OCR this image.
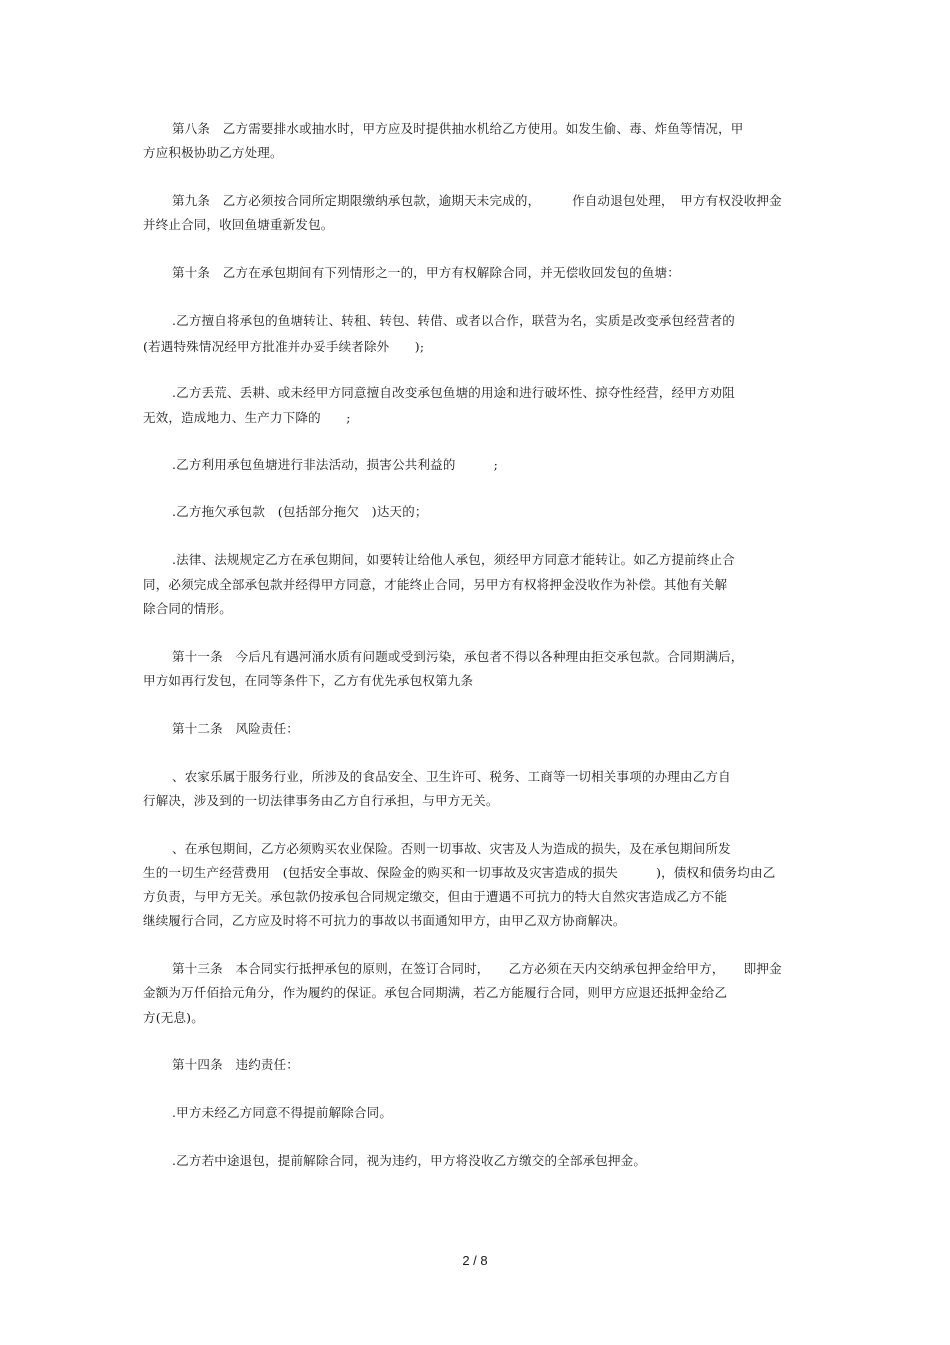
第八条　乙方需要排水或抽水时，甲方应及时提供抽水机给乙方使用。如发生偷、毒、炸鱼等情况，甲
方应积极协助乙方处理。
第九条　乙方必须按合同所定期限缴纳承包款，逾期天未完成的，　　　作自动退包处理，　甲方有权没收押金
并终止合同，收回鱼塘重新发包。
第十条　乙方在承包期间有下列情形之一的，甲方有权解除合同，并无偿收回发包的鱼塘：
.乙方擅自将承包的鱼塘转让、转租、转包、转借、或者以合作，联营为名，实质是改变承包经营者的
(若遇特殊情况经甲方批准并办妥手续者除外　　);
.乙方丢荒、丢耕、或未经甲方同意擅自改变承包鱼塘的用途和进行破坏性、掠夺性经营，经甲方劝阻
无效，造成地力、生产力下降的　　;
.乙方利用承包鱼塘进行非法活动，损害公共利益的　　　;
.乙方拖欠承包款　(包括部分拖欠　)达天的；
.法律、法规规定乙方在承包期间，如要转让给他人承包，须经甲方同意才能转让。如乙方提前终止合
同，必须完成全部承包款并经得甲方同意，才能终止合同，另甲方有权将押金没收作为补偿。其他有关解
除合同的情形。
第十一条　今后凡有遇河涌水质有问题或受到污染，承包者不得以各种理由拒交承包款。合同期满后，
甲方如再行发包，在同等条件下，乙方有优先承包权第九条
第十二条　风险责任：
、农家乐属于服务行业，所涉及的食品安全、卫生许可、税务、工商等一切相关事项的办理由乙方自
行解决，涉及到的一切法律事务由乙方自行承担，与甲方无关。
、在承包期间，乙方必须购买农业保险。否则一切事故、灾害及人为造成的损失，及在承包期间所发
生的一切生产经营费用　(包括安全事故、保险金的购买和一切事故及灾害造成的损失　　　)，债权和债务均由乙
方负责，与甲方无关。承包款仍按承包合同规定缴交，但由于遭遇不可抗力的特大自然灾害造成乙方不能
继续履行合同，乙方应及时将不可抗力的事故以书面通知甲方，由甲乙双方协商解决。
第十三条　本合同实行抵押承包的原则，在签订合同时，　　乙方必须在天内交纳承包押金给甲方，　　即押金
金额为万仟佰拾元角分，作为履约的保证。承包合同期满，若乙方能履行合同，则甲方应退还抵押金给乙
方(无息)。
第十四条　违约责任：
.甲方未经乙方同意不得提前解除合同。
.乙方若中途退包，提前解除合同，视为违约，甲方将没收乙方缴交的全部承包押金。
2 / 8
